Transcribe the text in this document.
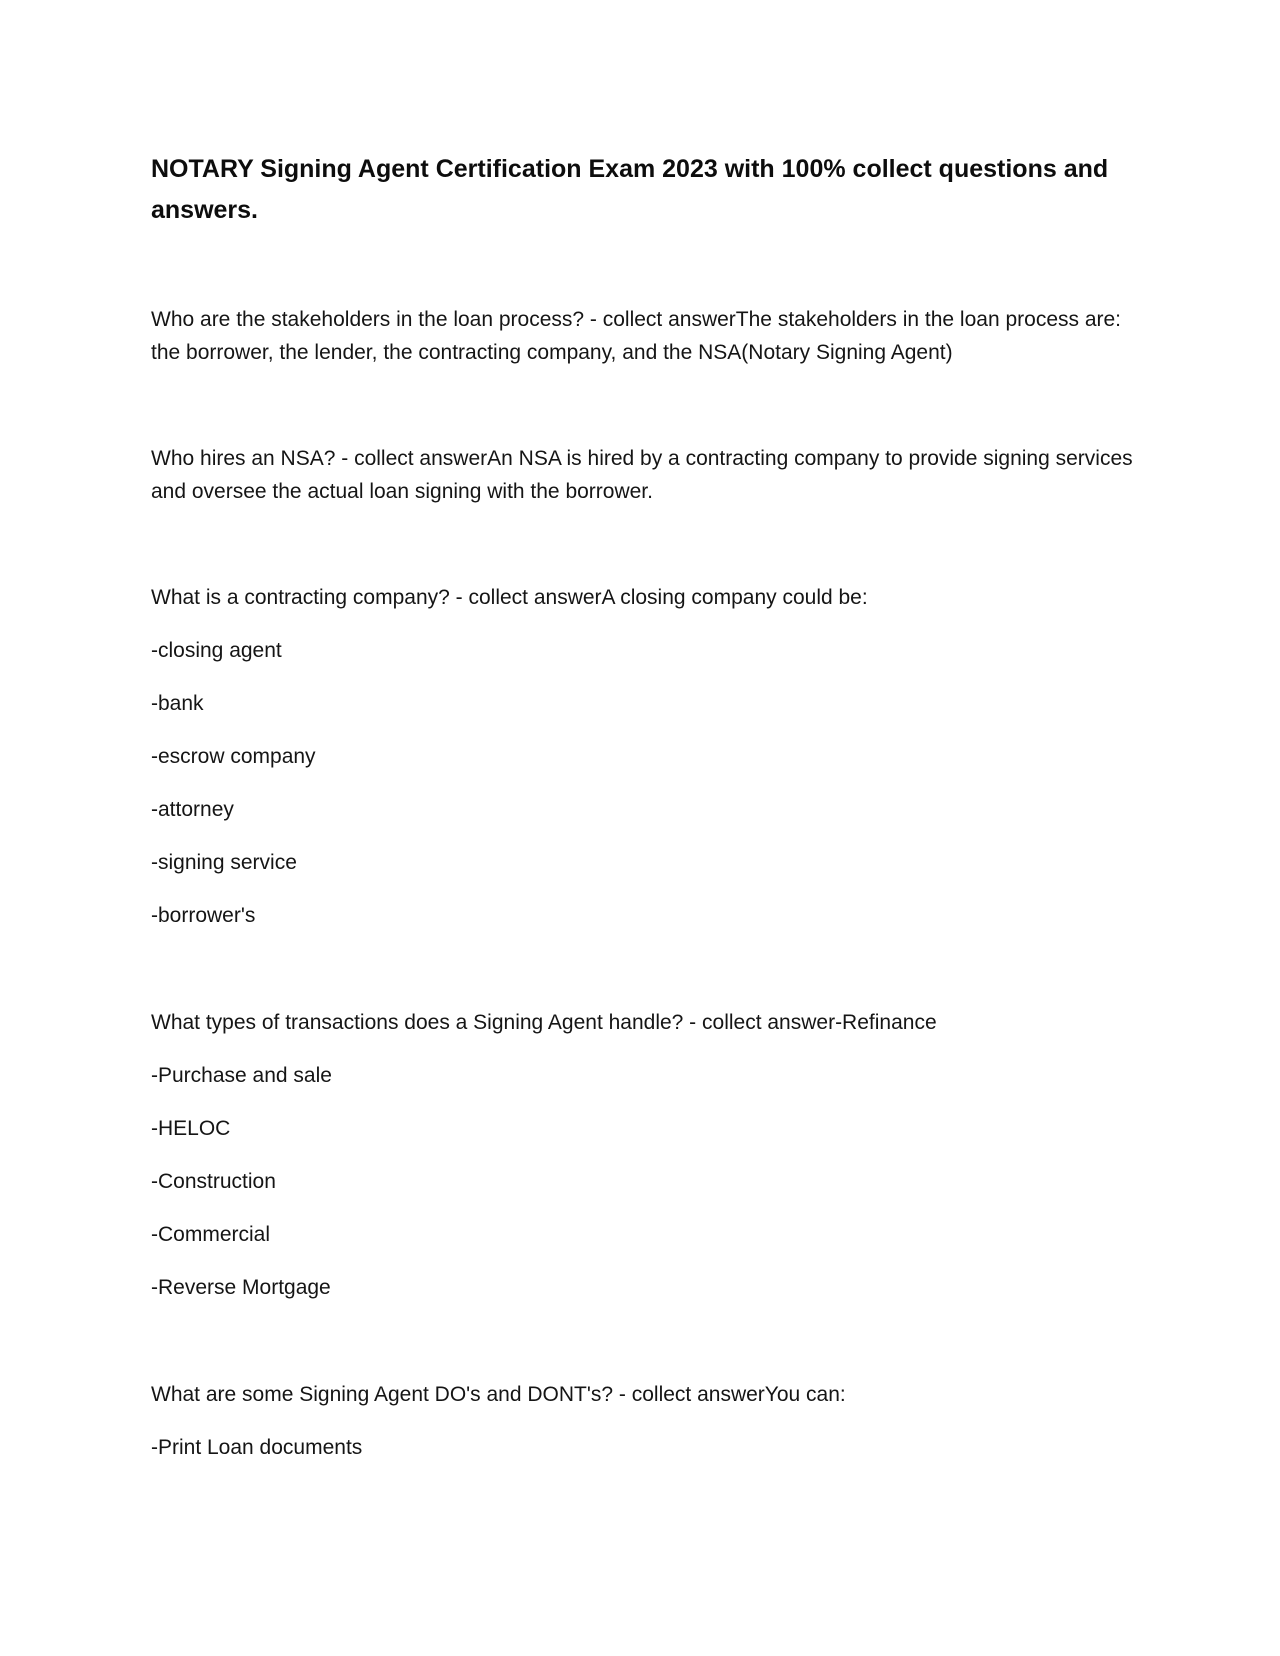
NOTARY Signing Agent Certification Exam 2023 with 100% collect questions and answers.

Who are the stakeholders in the loan process? - collect answerThe stakeholders in the loan process are: the borrower, the lender, the contracting company, and the NSA(Notary Signing Agent)

Who hires an NSA? - collect answerAn NSA is hired by a contracting company to provide signing services and oversee the actual loan signing with the borrower.

What is a contracting company? - collect answerA closing company could be:

-closing agent

-bank

-escrow company

-attorney

-signing service

-borrower's

What types of transactions does a Signing Agent handle? - collect answer-Refinance

-Purchase and sale

-HELOC

-Construction

-Commercial

-Reverse Mortgage

What are some Signing Agent DO's and DONT's? - collect answerYou can:

-Print Loan documents
